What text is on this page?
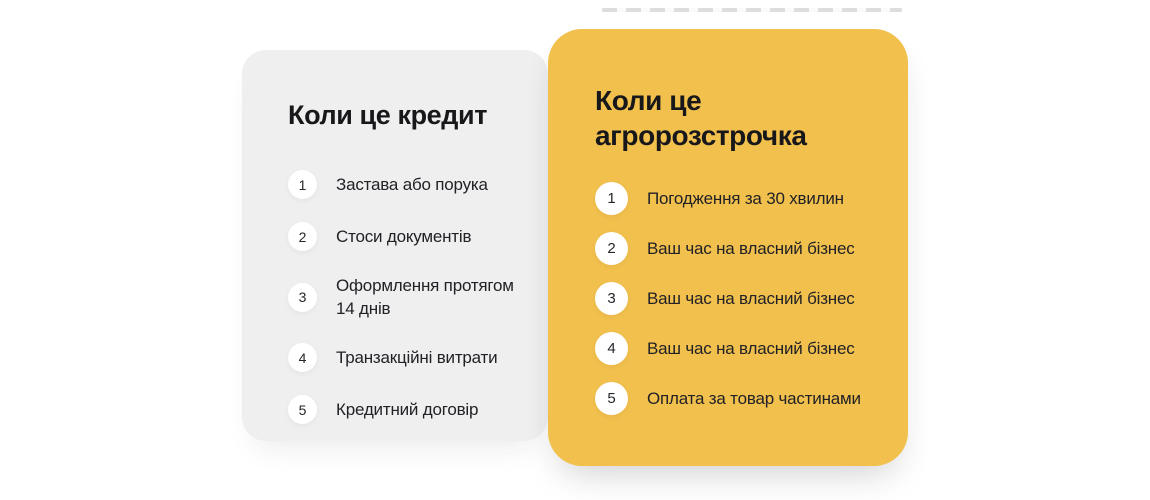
Коли це кредит
1	Застава або порука
2	Стоси документів
3
Оформлення протягом 14 днів
4	Транзакційні витрати
5	Кредитний договір
Коли це агророзстрочка
1	Погодження за 30 хвилин
2	Ваш час на власний бізнес
3	Ваш час на власний бізнес
4	Ваш час на власний бізнес
5	Оплата за товар частинами
